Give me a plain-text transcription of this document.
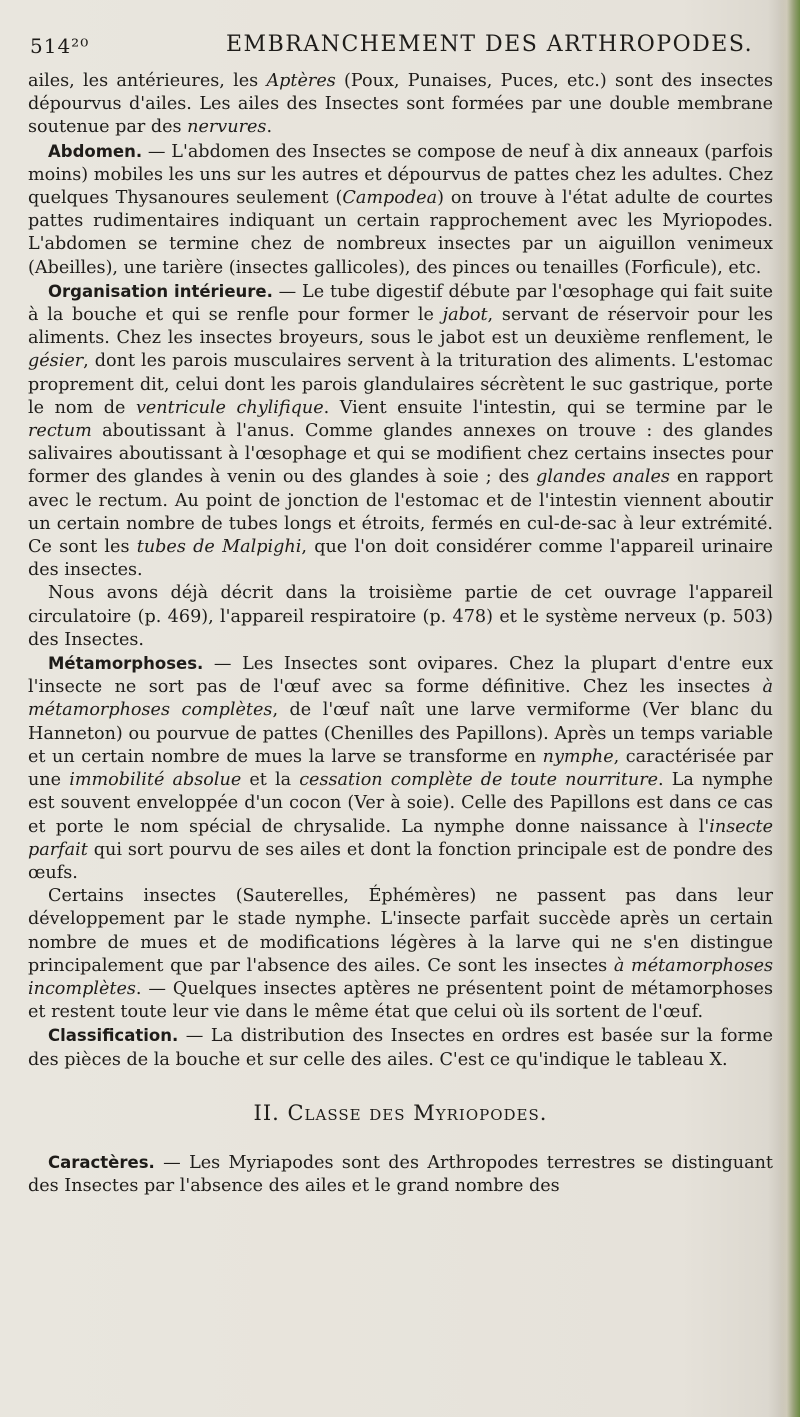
514²⁰	EMBRANCHEMENT DES ARTHROPODES.

ailes, les antérieures, les Aptères (Poux, Punaises, Puces, etc.) sont des insectes dépourvus d'ailes. Les ailes des Insectes sont formées par une double membrane soutenue par des nervures.

Abdomen. — L'abdomen des Insectes se compose de neuf à dix anneaux (parfois moins) mobiles les uns sur les autres et dépourvus de pattes chez les adultes. Chez quelques Thysanoures seulement (Campodea) on trouve à l'état adulte de courtes pattes rudimentaires indiquant un certain rapprochement avec les Myriopodes. L'abdomen se termine chez de nombreux insectes par un aiguillon venimeux (Abeilles), une tarière (insectes gallicoles), des pinces ou tenailles (Forficule), etc.

Organisation intérieure. — Le tube digestif débute par l'œsophage qui fait suite à la bouche et qui se renfle pour former le jabot, servant de réservoir pour les aliments. Chez les insectes broyeurs, sous le jabot est un deuxième renflement, le gésier, dont les parois musculaires servent à la trituration des aliments. L'estomac proprement dit, celui dont les parois glandulaires sécrètent le suc gastrique, porte le nom de ventricule chylifique. Vient ensuite l'intestin, qui se termine par le rectum aboutissant à l'anus. Comme glandes annexes on trouve : des glandes salivaires aboutissant à l'œsophage et qui se modifient chez certains insectes pour former des glandes à venin ou des glandes à soie ; des glandes anales en rapport avec le rectum. Au point de jonction de l'estomac et de l'intestin viennent aboutir un certain nombre de tubes longs et étroits, fermés en cul-de-sac à leur extrémité. Ce sont les tubes de Malpighi, que l'on doit considérer comme l'appareil urinaire des insectes.

Nous avons déjà décrit dans la troisième partie de cet ouvrage l'appareil circulatoire (p. 469), l'appareil respiratoire (p. 478) et le système nerveux (p. 503) des Insectes.

Métamorphoses. — Les Insectes sont ovipares. Chez la plupart d'entre eux l'insecte ne sort pas de l'œuf avec sa forme définitive. Chez les insectes à métamorphoses complètes, de l'œuf naît une larve vermiforme (Ver blanc du Hanneton) ou pourvue de pattes (Chenilles des Papillons). Après un temps variable et un certain nombre de mues la larve se transforme en nymphe, caractérisée par une immobilité absolue et la cessation complète de toute nourriture. La nymphe est souvent enveloppée d'un cocon (Ver à soie). Celle des Papillons est dans ce cas et porte le nom spécial de chrysalide. La nymphe donne naissance à l'insecte parfait qui sort pourvu de ses ailes et dont la fonction principale est de pondre des œufs.

Certains insectes (Sauterelles, Éphémères) ne passent pas dans leur développement par le stade nymphe. L'insecte parfait succède après un certain nombre de mues et de modifications légères à la larve qui ne s'en distingue principalement que par l'absence des ailes. Ce sont les insectes à métamorphoses incomplètes. — Quelques insectes aptères ne présentent point de métamorphoses et restent toute leur vie dans le même état que celui où ils sortent de l'œuf.

Classification. — La distribution des Insectes en ordres est basée sur la forme des pièces de la bouche et sur celle des ailes. C'est ce qu'indique le tableau X.

II. Classe des Myriopodes.

Caractères. — Les Myriapodes sont des Arthropodes terrestres se distinguant des Insectes par l'absence des ailes et le grand nombre des
